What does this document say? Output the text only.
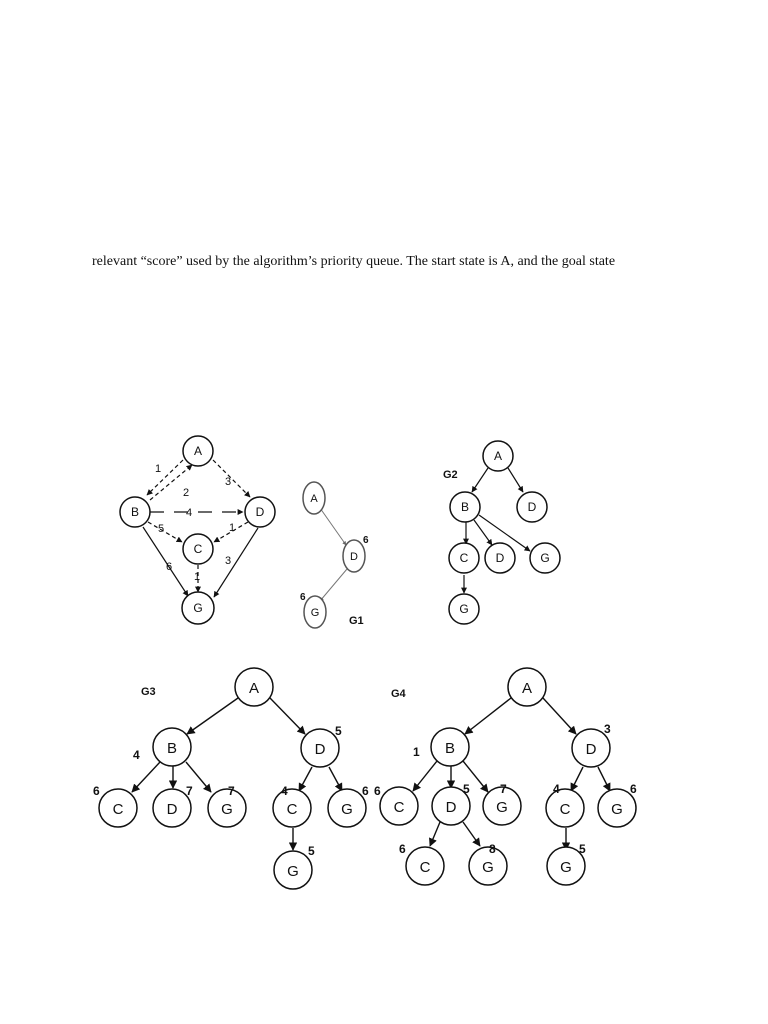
relevant “score” used by the algorithm’s priority queue. The start state is A, and the goal state
2
1
3
4
5	1
6
1
3
A
B
C
D
G
A
D
G
6
6
G1
G2
A
B	D
C D	G
G
G3	A
B	D
C	D	G	C	G
G
4
5
6	7	7	4	6
5
G4	A
B	D
C	D	G	C	G
C	G	G
1
3
6	5	7	4	6
6	8	5
